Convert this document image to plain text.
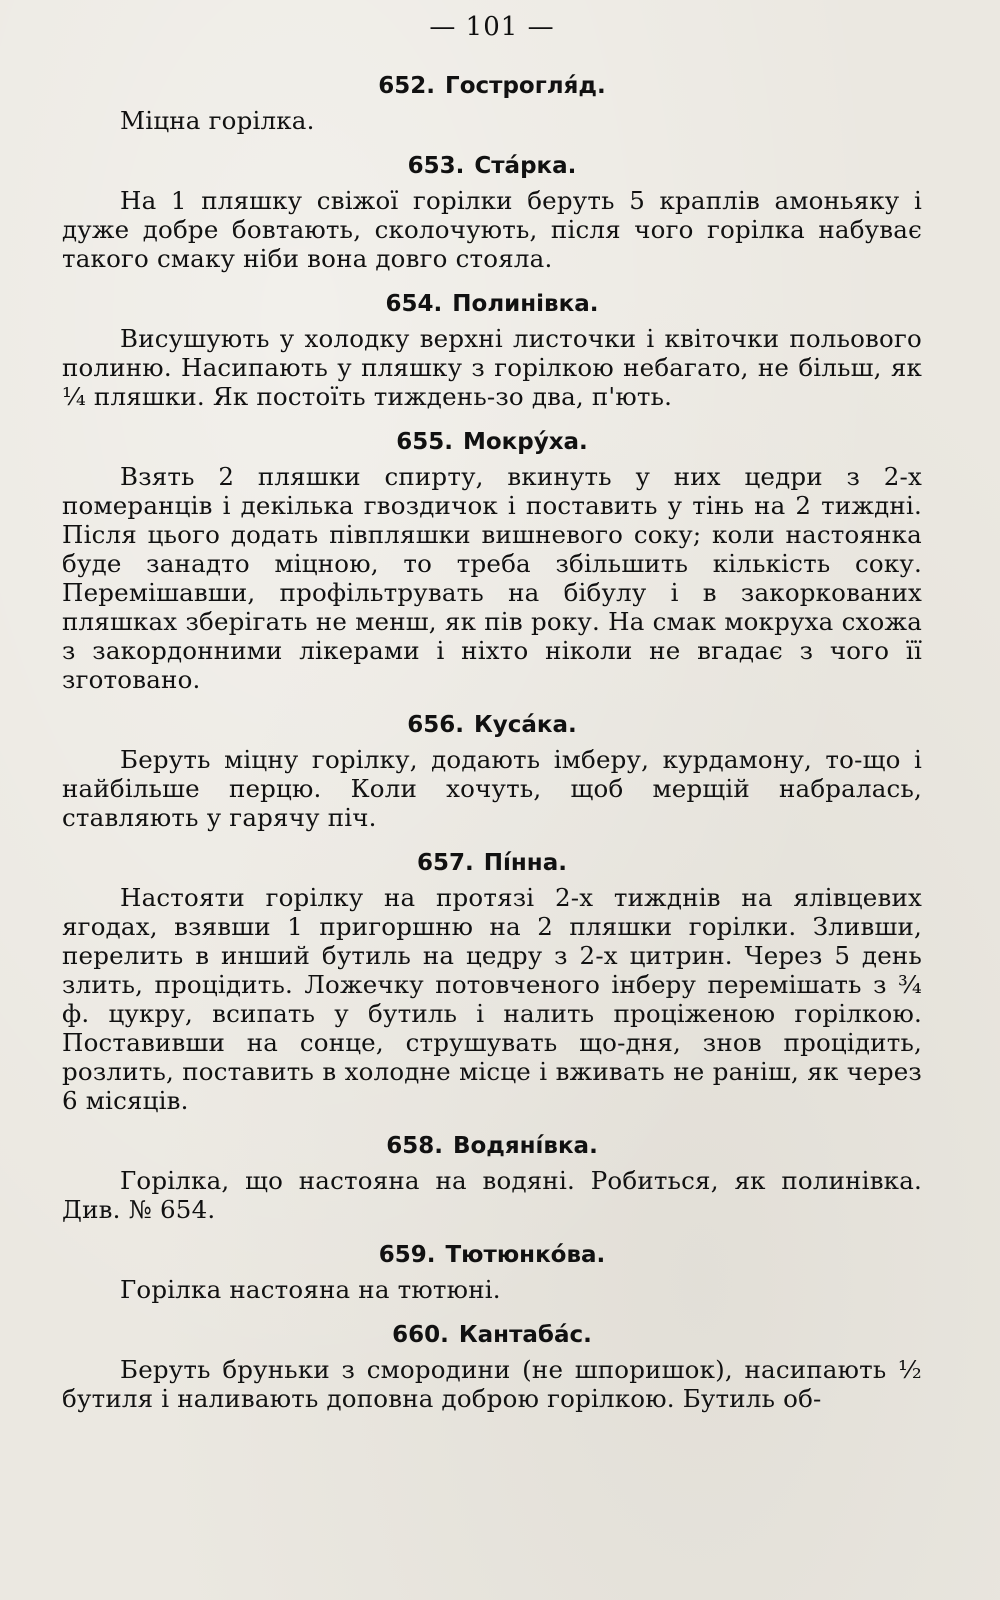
— 101 —
652. Гострогля́д.

Міцна горілка.

653. Ста́рка.

На 1 пляшку свіжої горілки беруть 5 краплів амоньяку і дуже добре бовтають, сколочують, після чого горілка набуває такого смаку ніби вона довго стояла.

654. Полинівка.

Висушують у холодку верхні листочки і квіточки польового полиню. Насипають у пляшку з горілкою небагато, не більш, як ¼ пляшки. Як постоїть тиждень-зо два, п'ють.

655. Мокру́ха.

Взять 2 пляшки спирту, вкинуть у них цедри з 2-х померанців і декілька гвоздичок і поставить у тінь на 2 тиждні. Після цього додать півпляшки вишневого соку; коли настоянка буде занадто міцною, то треба збільшить кількість соку. Перемішавши, профільтрувать на бібулу і в закоркованих пляшках зберігать не менш, як пів року. На смак мокруха схожа з закордонними лікерами і ніхто ніколи не вгадає з чого її зготовано.

656. Куса́ка.

Беруть міцну горілку, додають імберу, курдамону, то-що і найбільше перцю. Коли хочуть, щоб мерщій набралась, ставляють у гарячу піч.

657. Пі́нна.

Настояти горілку на протязі 2-х тижднів на ялівцевих ягодах, взявши 1 пригоршню на 2 пляшки горілки. Зливши, перелить в инший бутиль на цедру з 2-х цитрин. Через 5 день злить, процідить. Ложечку потовченого інберу перемішать з ¾ ф. цукру, всипать у бутиль і налить проціженою горілкою. Поставивши на сонце, струшувать що-дня, знов процідить, розлить, поставить в холодне місце і вживать не раніш, як через 6 місяців.

658. Водяні́вка.

Горілка, що настояна на водяні. Робиться, як полинівка. Див. № 654.

659. Тютюнко́ва.

Горілка настояна на тютюні.

660. Кантаба́с.

Беруть бруньки з смородини (не шпоришок), насипають ½ бутиля і наливають доповна доброю горілкою. Бутиль об-
